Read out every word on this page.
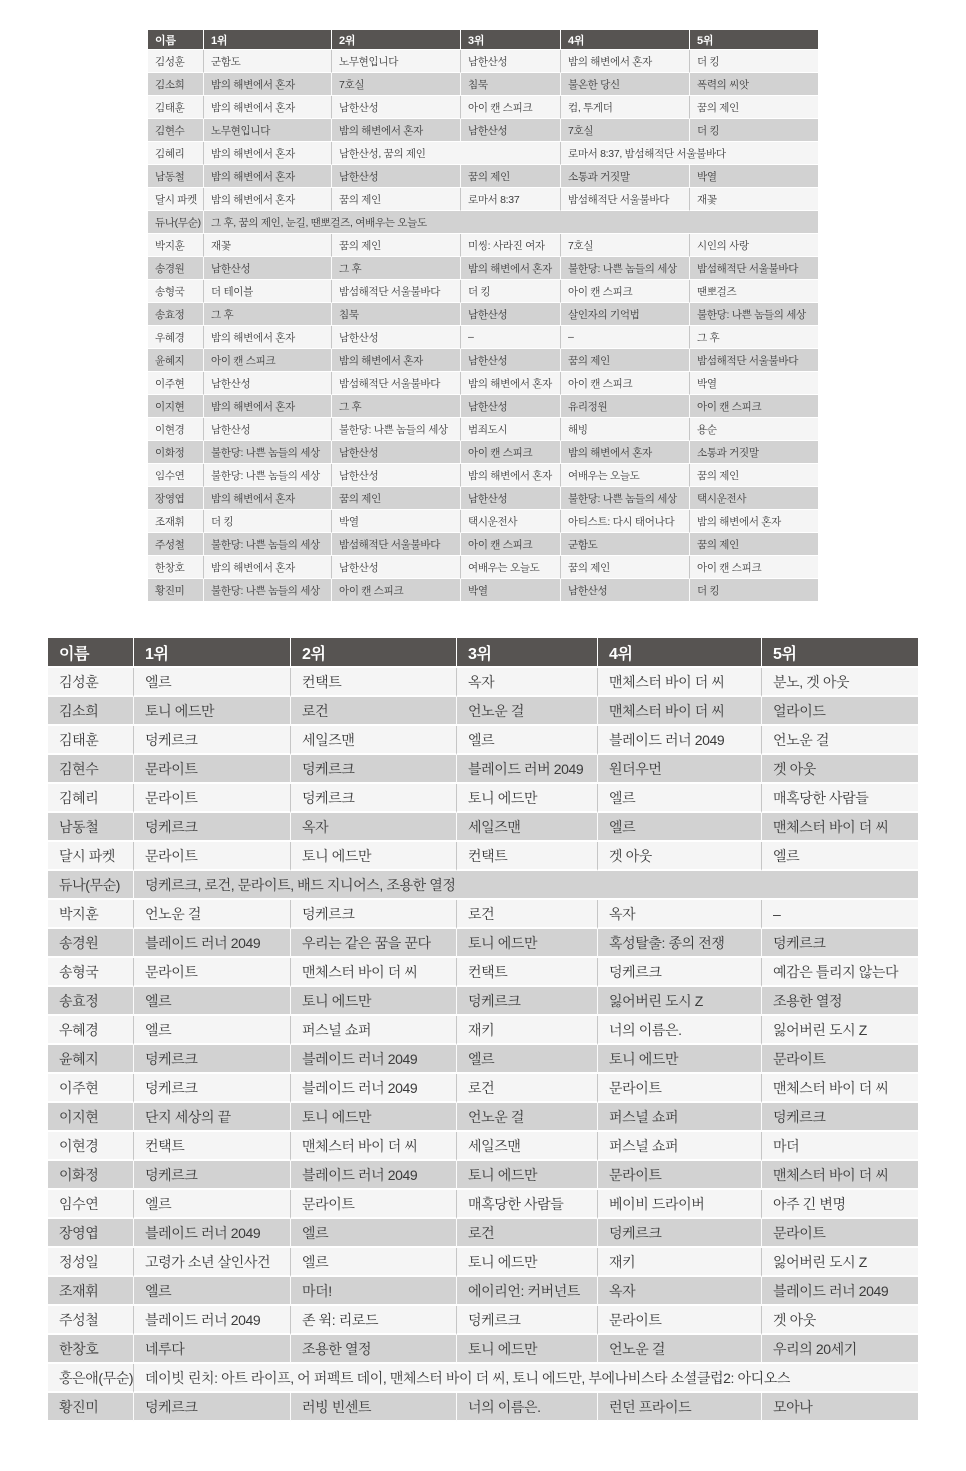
이름	1위	2위	3위	4위	5위
김성훈	군함도	노무현입니다	남한산성	밤의 해변에서 혼자	더 킹
김소희	밤의 해변에서 혼자	7호실	침묵	불온한 당신	폭력의 씨앗
김태훈	밤의 해변에서 혼자	남한산성	아이 캔 스피크	컴, 투게더	꿈의 제인
김현수	노무현입니다	밤의 해변에서 혼자	남한산성	7호실	더 킹
김혜리	밤의 해변에서 혼자	남한산성, 꿈의 제인		로마서 8:37, 밤섬해적단 서울불바다	
남동철	밤의 해변에서 혼자	남한산성	꿈의 제인	소통과 거짓말	박열
달시 파켓	밤의 해변에서 혼자	꿈의 제인	로마서 8:37	밤섬해적단 서울불바다	재꽃
듀나(무순)	그 후, 꿈의 제인, 눈길, 땐뽀걸즈, 여배우는 오늘도				
박지훈	재꽃	꿈의 제인	미씽: 사라진 여자	7호실	시인의 사랑
송경원	남한산성	그 후	밤의 해변에서 혼자	불한당: 나쁜 놈들의 세상	밤섬해적단 서울불바다
송형국	더 테이블	밤섬해적단 서울불바다	더 킹	아이 캔 스피크	땐뽀걸즈
송효정	그 후	침묵	남한산성	살인자의 기억법	불한당: 나쁜 놈들의 세상
우혜경	밤의 해변에서 혼자	남한산성	–	–	그 후
윤혜지	아이 캔 스피크	밤의 해변에서 혼자	남한산성	꿈의 제인	밤섬해적단 서울불바다
이주현	남한산성	밤섬해적단 서울불바다	밤의 해변에서 혼자	아이 캔 스피크	박열
이지현	밤의 해변에서 혼자	그 후	남한산성	유리정원	아이 캔 스피크
이현경	남한산성	불한당: 나쁜 놈들의 세상	범죄도시	해빙	용순
이화정	불한당: 나쁜 놈들의 세상	남한산성	아이 캔 스피크	밤의 해변에서 혼자	소통과 거짓말
임수연	불한당: 나쁜 놈들의 세상	남한산성	밤의 해변에서 혼자	여배우는 오늘도	꿈의 제인
장영엽	밤의 해변에서 혼자	꿈의 제인	남한산성	불한당: 나쁜 놈들의 세상	택시운전사
조재휘	더 킹	박열	택시운전사	아티스트: 다시 태어나다	밤의 해변에서 혼자
주성철	불한당: 나쁜 놈들의 세상	밤섬해적단 서울불바다	아이 캔 스피크	군함도	꿈의 제인
한창호	밤의 해변에서 혼자	남한산성	여배우는 오늘도	꿈의 제인	아이 캔 스피크
황진미	불한당: 나쁜 놈들의 세상	아이 캔 스피크	박열	남한산성	더 킹
이름	1위	2위	3위	4위	5위
김성훈	엘르	컨택트	옥자	맨체스터 바이 더 씨	분노, 겟 아웃
김소희	토니 에드만	로건	언노운 걸	맨체스터 바이 더 씨	얼라이드
김태훈	덩케르크	세일즈맨	엘르	블레이드 러너 2049	언노운 걸
김현수	문라이트	덩케르크	블레이드 러버 2049	원더우먼	겟 아웃
김혜리	문라이트	덩케르크	토니 에드만	엘르	매혹당한 사람들
남동철	덩케르크	옥자	세일즈맨	엘르	맨체스터 바이 더 씨
달시 파켓	문라이트	토니 에드만	컨택트	겟 아웃	엘르
듀나(무순)	덩케르크, 로건, 문라이트, 배드 지니어스, 조용한 열정				
박지훈	언노운 걸	덩케르크	로건	옥자	–
송경원	블레이드 러너 2049	우리는 같은 꿈을 꾼다	토니 에드만	혹성탈출: 종의 전쟁	덩케르크
송형국	문라이트	맨체스터 바이 더 씨	컨택트	덩케르크	예감은 틀리지 않는다
송효정	엘르	토니 에드만	덩케르크	잃어버린 도시 Z	조용한 열정
우혜경	엘르	퍼스널 쇼퍼	재키	너의 이름은.	잃어버린 도시 Z
윤혜지	덩케르크	블레이드 러너 2049	엘르	토니 에드만	문라이트
이주현	덩케르크	블레이드 러너 2049	로건	문라이트	맨체스터 바이 더 씨
이지현	단지 세상의 끝	토니 에드만	언노운 걸	퍼스널 쇼퍼	덩케르크
이현경	컨택트	맨체스터 바이 더 씨	세일즈맨	퍼스널 쇼퍼	마더
이화정	덩케르크	블레이드 러너 2049	토니 에드만	문라이트	맨체스터 바이 더 씨
임수연	엘르	문라이트	매혹당한 사람들	베이비 드라이버	아주 긴 변명
장영엽	블레이드 러너 2049	엘르	로건	덩케르크	문라이트
정성일	고령가 소년 살인사건	엘르	토니 에드만	재키	잃어버린 도시 Z
조재휘	엘르	마더!	에이리언: 커버넌트	옥자	블레이드 러너 2049
주성철	블레이드 러너 2049	존 윅: 리로드	덩케르크	문라이트	겟 아웃
한창호	네루다	조용한 열정	토니 에드만	언노운 걸	우리의 20세기
홍은애(무순)	데이빗 린치: 아트 라이프, 어 퍼펙트 데이, 맨체스터 바이 더 씨, 토니 에드만, 부에나비스타 소셜클럽2: 아디오스				
황진미	덩케르크	러빙 빈센트	너의 이름은.	런던 프라이드	모아나
